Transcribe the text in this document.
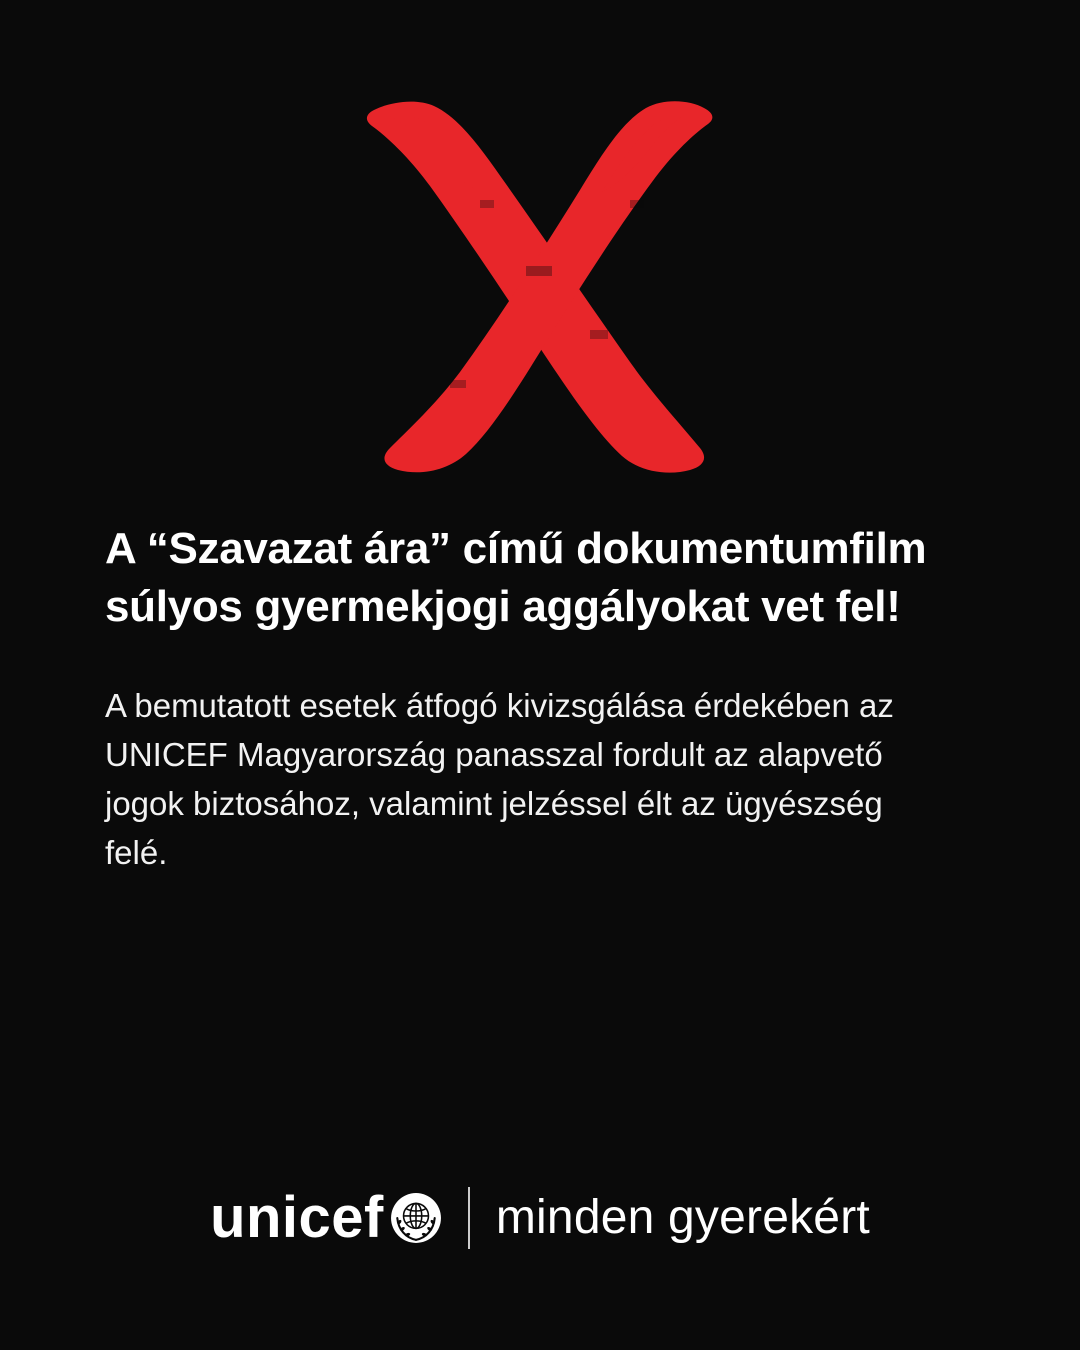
A “Szavazat ára” című dokumentumfilm súlyos gyermekjogi aggályokat vet fel!

A bemutatott esetek átfogó kivizsgálása érdekében az UNICEF Magyarország panasszal fordult az alapvető jogok biztosához, valamint jelzéssel élt az ügyészség felé.

unicef minden gyerekért
